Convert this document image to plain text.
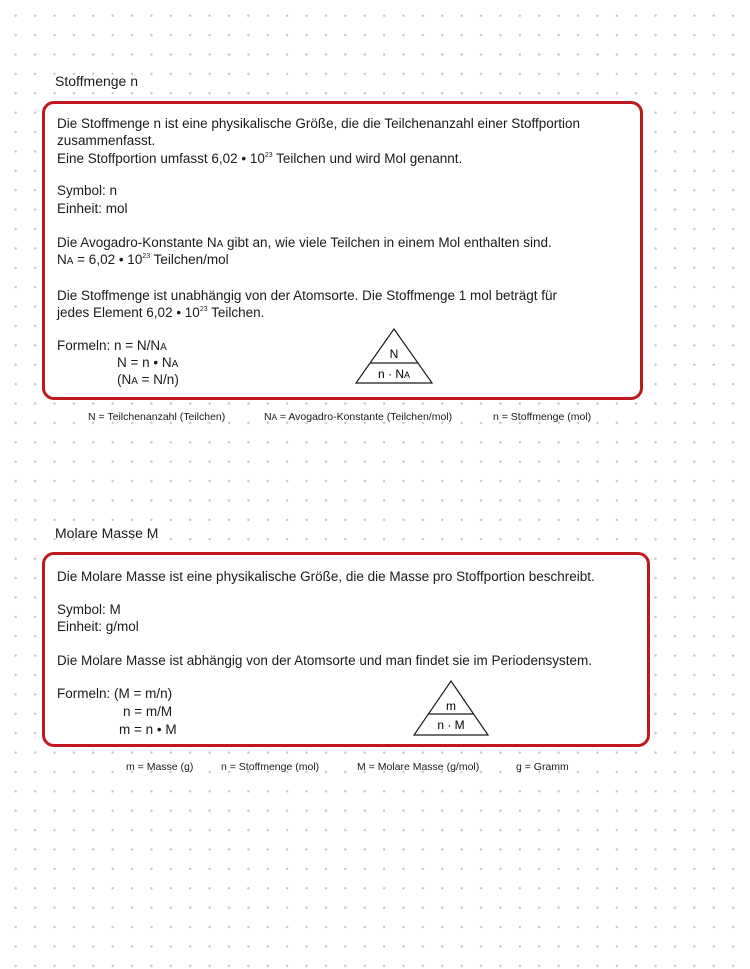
Stoffmenge n
Die Stoffmenge n ist eine physikalische Größe, die die Teilchenanzahl einer Stoffportion
zusammenfasst.
Eine Stoffportion umfasst 6,02 • $10^{23}$ Teilchen und wird Mol genannt.
Symbol: n
Einheit: mol
Die Avogadro-Konstante NA gibt an, wie viele Teilchen in einem Mol enthalten sind.
NA = 6,02 • $10^{23}$ Teilchen/mol
Die Stoffmenge ist unabhängig von der Atomsorte. Die Stoffmenge 1 mol beträgt für
jedes Element 6,02 • $10^{23}$ Teilchen.
Formeln: n = N/NA
N = n • NA
(NA = N/n)
N
n · NA
N = Teilchenanzahl (Teilchen)	NA = Avogadro-Konstante (Teilchen/mol)	n = Stoffmenge (mol)
Molare Masse M
Die Molare Masse ist eine physikalische Größe, die die Masse pro Stoffportion beschreibt.
Symbol: M
Einheit: g/mol
Die Molare Masse ist abhängig von der Atomsorte und man findet sie im Periodensystem.
Formeln: (M = m/n)
n = m/M
m = n • M
m
n · M
m = Masse (g)	n = Stoffmenge (mol)	M = Molare Masse (g/mol)	g = Gramm
